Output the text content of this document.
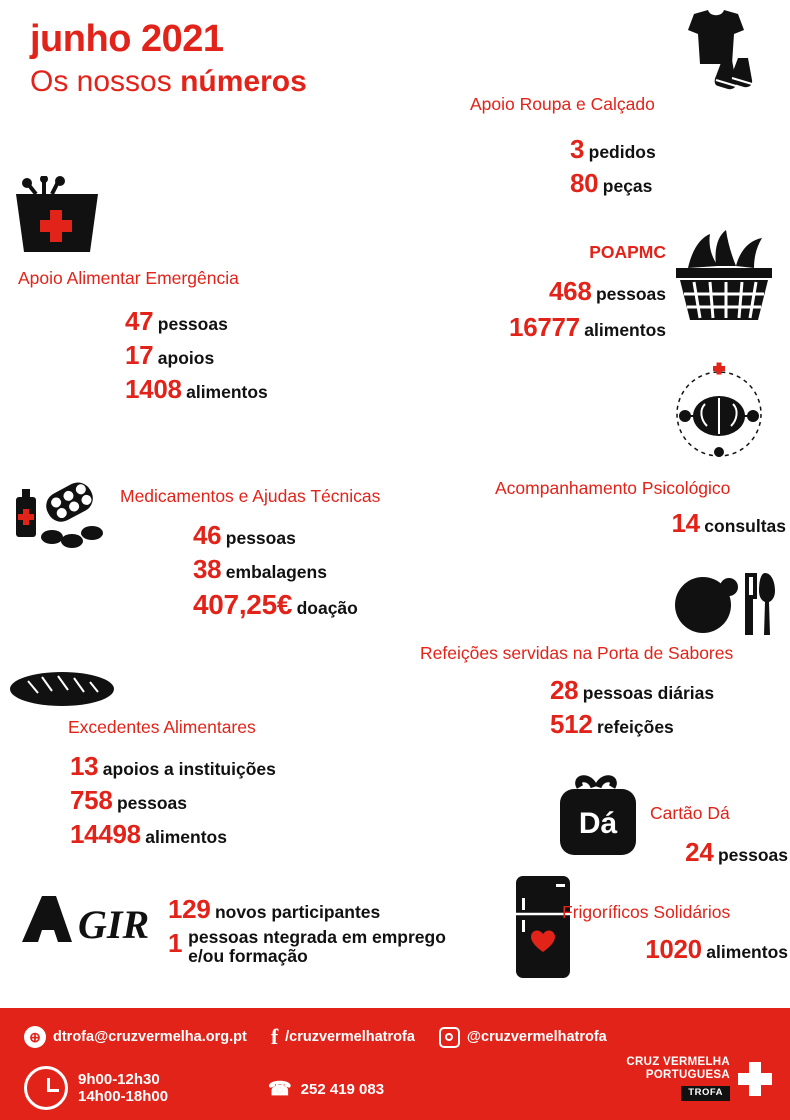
junho 2021
Os nossos números
Apoio Roupa e Calçado
3 pedidos
80 peças
Apoio Alimentar Emergência
47 pessoas
17 apoios
1408 alimentos
POAPMC
468 pessoas
16777 alimentos
Acompanhamento Psicológico
14 consultas
Medicamentos e Ajudas Técnicas
46 pessoas
38 embalagens
407,25€ doação
Refeições servidas na Porta de Sabores
28 pessoas diárias
512 refeições
Excedentes Alimentares
13 apoios a instituições
758 pessoas
14498 alimentos	Dá Cartão Dá
24 pessoas
GIR 129 novos participantes
1 pessoas ntegrada em emprego e/ou formação
Frigoríficos Solidários
1020 alimentos
⊕ dtrofa@cruzvermelha.org.pt f /cruzvermelhatrofa	@cruzvermelhatrofa
9h00-12h30
14h00-18h00	☎ 252 419 083
CRUZ VERMELHA
PORTUGUESA
TROFA
